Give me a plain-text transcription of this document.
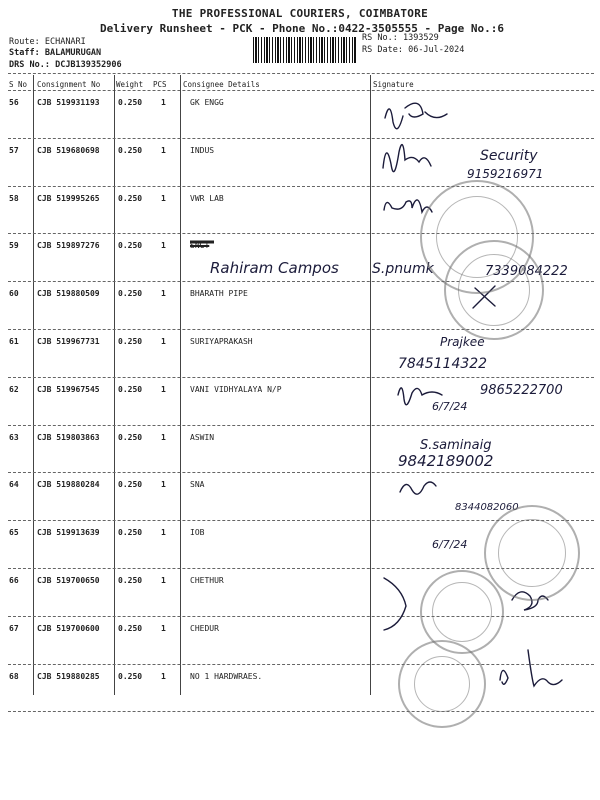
THE PROFESSIONAL COURIERS, COIMBATORE
Delivery Runsheet - PCK - Phone No.:0422-3505555 - Page No.:6
Route: ECHANARI
Staff: BALAMURUGAN
DRS No.: DCJB139352906
RS No.: 1393529
RS Date: 06-Jul-2024
S No Consignment No Weight PCS Consignee Details	Signature
56 CJB 519931193 0.250 1	GK ENGG
57 CJB 519680698 0.250 1	INDUS
58 CJB 519995265 0.250 1	VWR LAB
59 CJB 519897276 0.250 1	SNGT
60 CJB 519880509 0.250 1	BHARATH PIPE
61 CJB 519967731 0.250 1	SURIYAPRAKASH
62 CJB 519967545 0.250 1	VANI VIDHYALAYA N/P
63 CJB 519803863 0.250 1	ASWIN
64 CJB 519880284 0.250 1	SNA
65 CJB 519913639 0.250 1	IOB
66 CJB 519700650 0.250 1	CHETHUR
67 CJB 519700600 0.250 1	CHEDUR
68 CJB 519880285 0.250 1	NO 1 HARDWRAES.
Security
9159216971
Rahiram Campos S.pnumk	7339084222
Prajkee
7845114322
9865222700
6/7/24
S.saminaig
9842189002
8344082060
6/7/24
